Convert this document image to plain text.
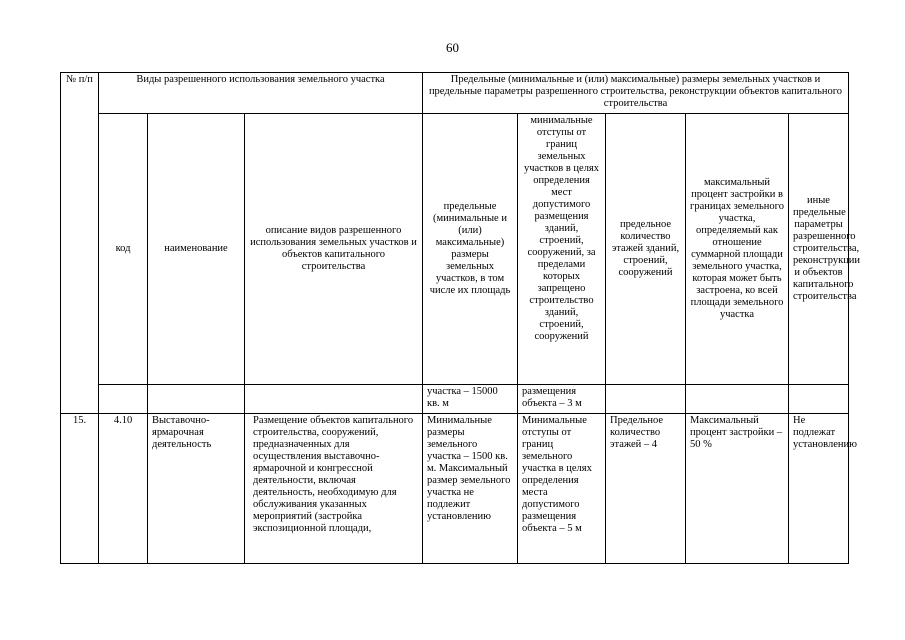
60
№ п/п	Виды разрешенного использования земельного участка			Предельные (минимальные и (или) максимальные) размеры земельных участков и предельные параметры разрешенного строительства, реконструкции объектов капитального строительства				
	код	наименование	описание видов разрешенного использования земельных участков и объектов капитального строительства	предельные (минимальные и (или) максимальные) размеры земельных участков, в том числе их площадь	минимальные отступы от границ земельных участков в целях определения мест допустимого размещения зданий, строений, сооружений, за пределами которых запрещено строительство зданий, строений, сооружений	предельное количество этажей зданий, строений, сооружений	максимальный процент застройки в границах земельного участка, определяемый как отношение суммарной площади земельного участка, которая может быть застроена, ко всей площади земельного участка	иные предельные параметры разрешенного строительства, реконструкции и объектов капитального строительства
				участка – 15000 кв. м	размещения объекта – 3 м			
15.	4.10	Выставочно-ярмарочная деятельность	Размещение объектов капитального строительства, сооружений, предназначенных для осуществления выставочно-ярмарочной и конгрессной деятельности, включая деятельность, необходимую для обслуживания указанных мероприятий (застройка экспозиционной площади,	Минимальные размеры земельного участка – 1500 кв. м. Максимальный размер земельного участка не подлежит установлению	Минимальные отступы от границ земельного участка в целях определения места допустимого размещения объекта – 5 м	Предельное количество этажей – 4	Максимальный процент застройки – 50 %	Не подлежат установлению
